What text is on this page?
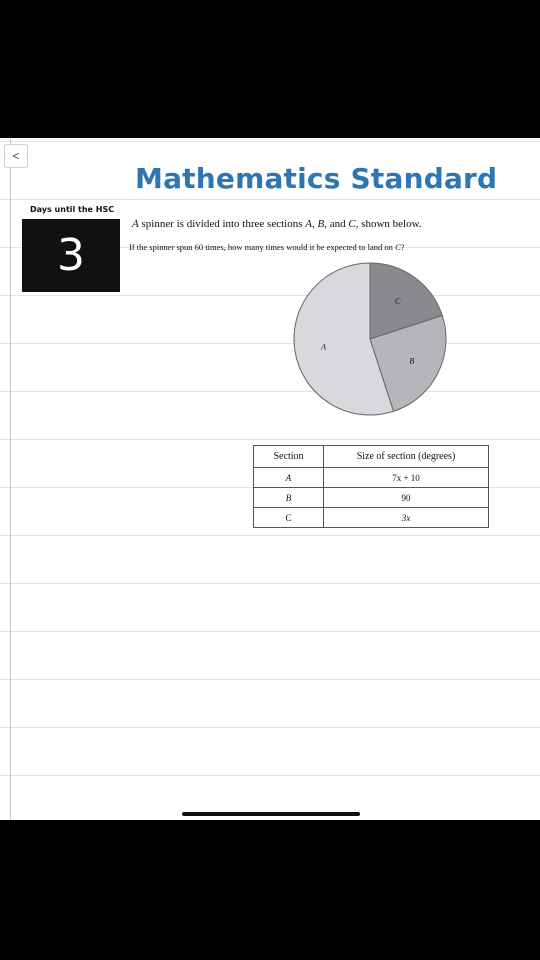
<
Mathematics Standard
Days until the HSC
3
A spinner is divided into three sections A, B, and C, shown below.
If the spinner spun 60 times, how many times would it be expected to land on C?
C
B
A
Section	Size of section (degrees)
A	7x + 10
B	90
C	3x
